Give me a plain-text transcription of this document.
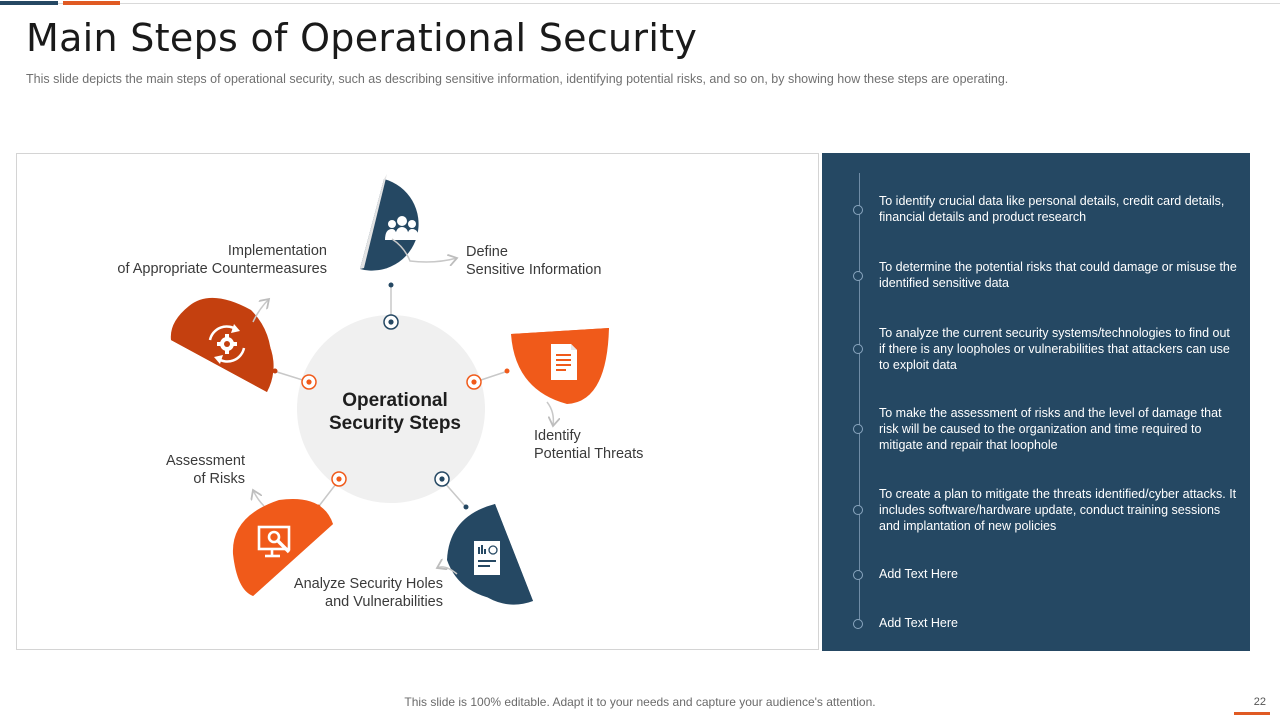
Main Steps of Operational Security

This slide depicts the main steps of operational security, such as describing sensitive information, identifying potential risks, and so on, by showing how these steps are operating.

Operational
Security Steps
Define
Sensitive Information
Identify
Potential Threats
Analyze Security Holes
and Vulnerabilities
Assessment
of Risks
Implementation
of Appropriate Countermeasures
To identify crucial data like personal details, credit card details, financial details and product research
To determine the potential risks that could damage or misuse the identified sensitive data
To analyze the current security systems/technologies to find out if there is any loopholes or vulnerabilities that attackers can use to exploit data
To make the assessment of risks and the level of damage that risk will be caused to the organization and time required to mitigate and repair that loophole
To create a plan to mitigate the threats identified/cyber attacks. It includes software/hardware update, conduct training sessions and implantation of new policies
Add Text Here
Add Text Here
This slide is 100% editable. Adapt it to your needs and capture your audience's attention.	22
